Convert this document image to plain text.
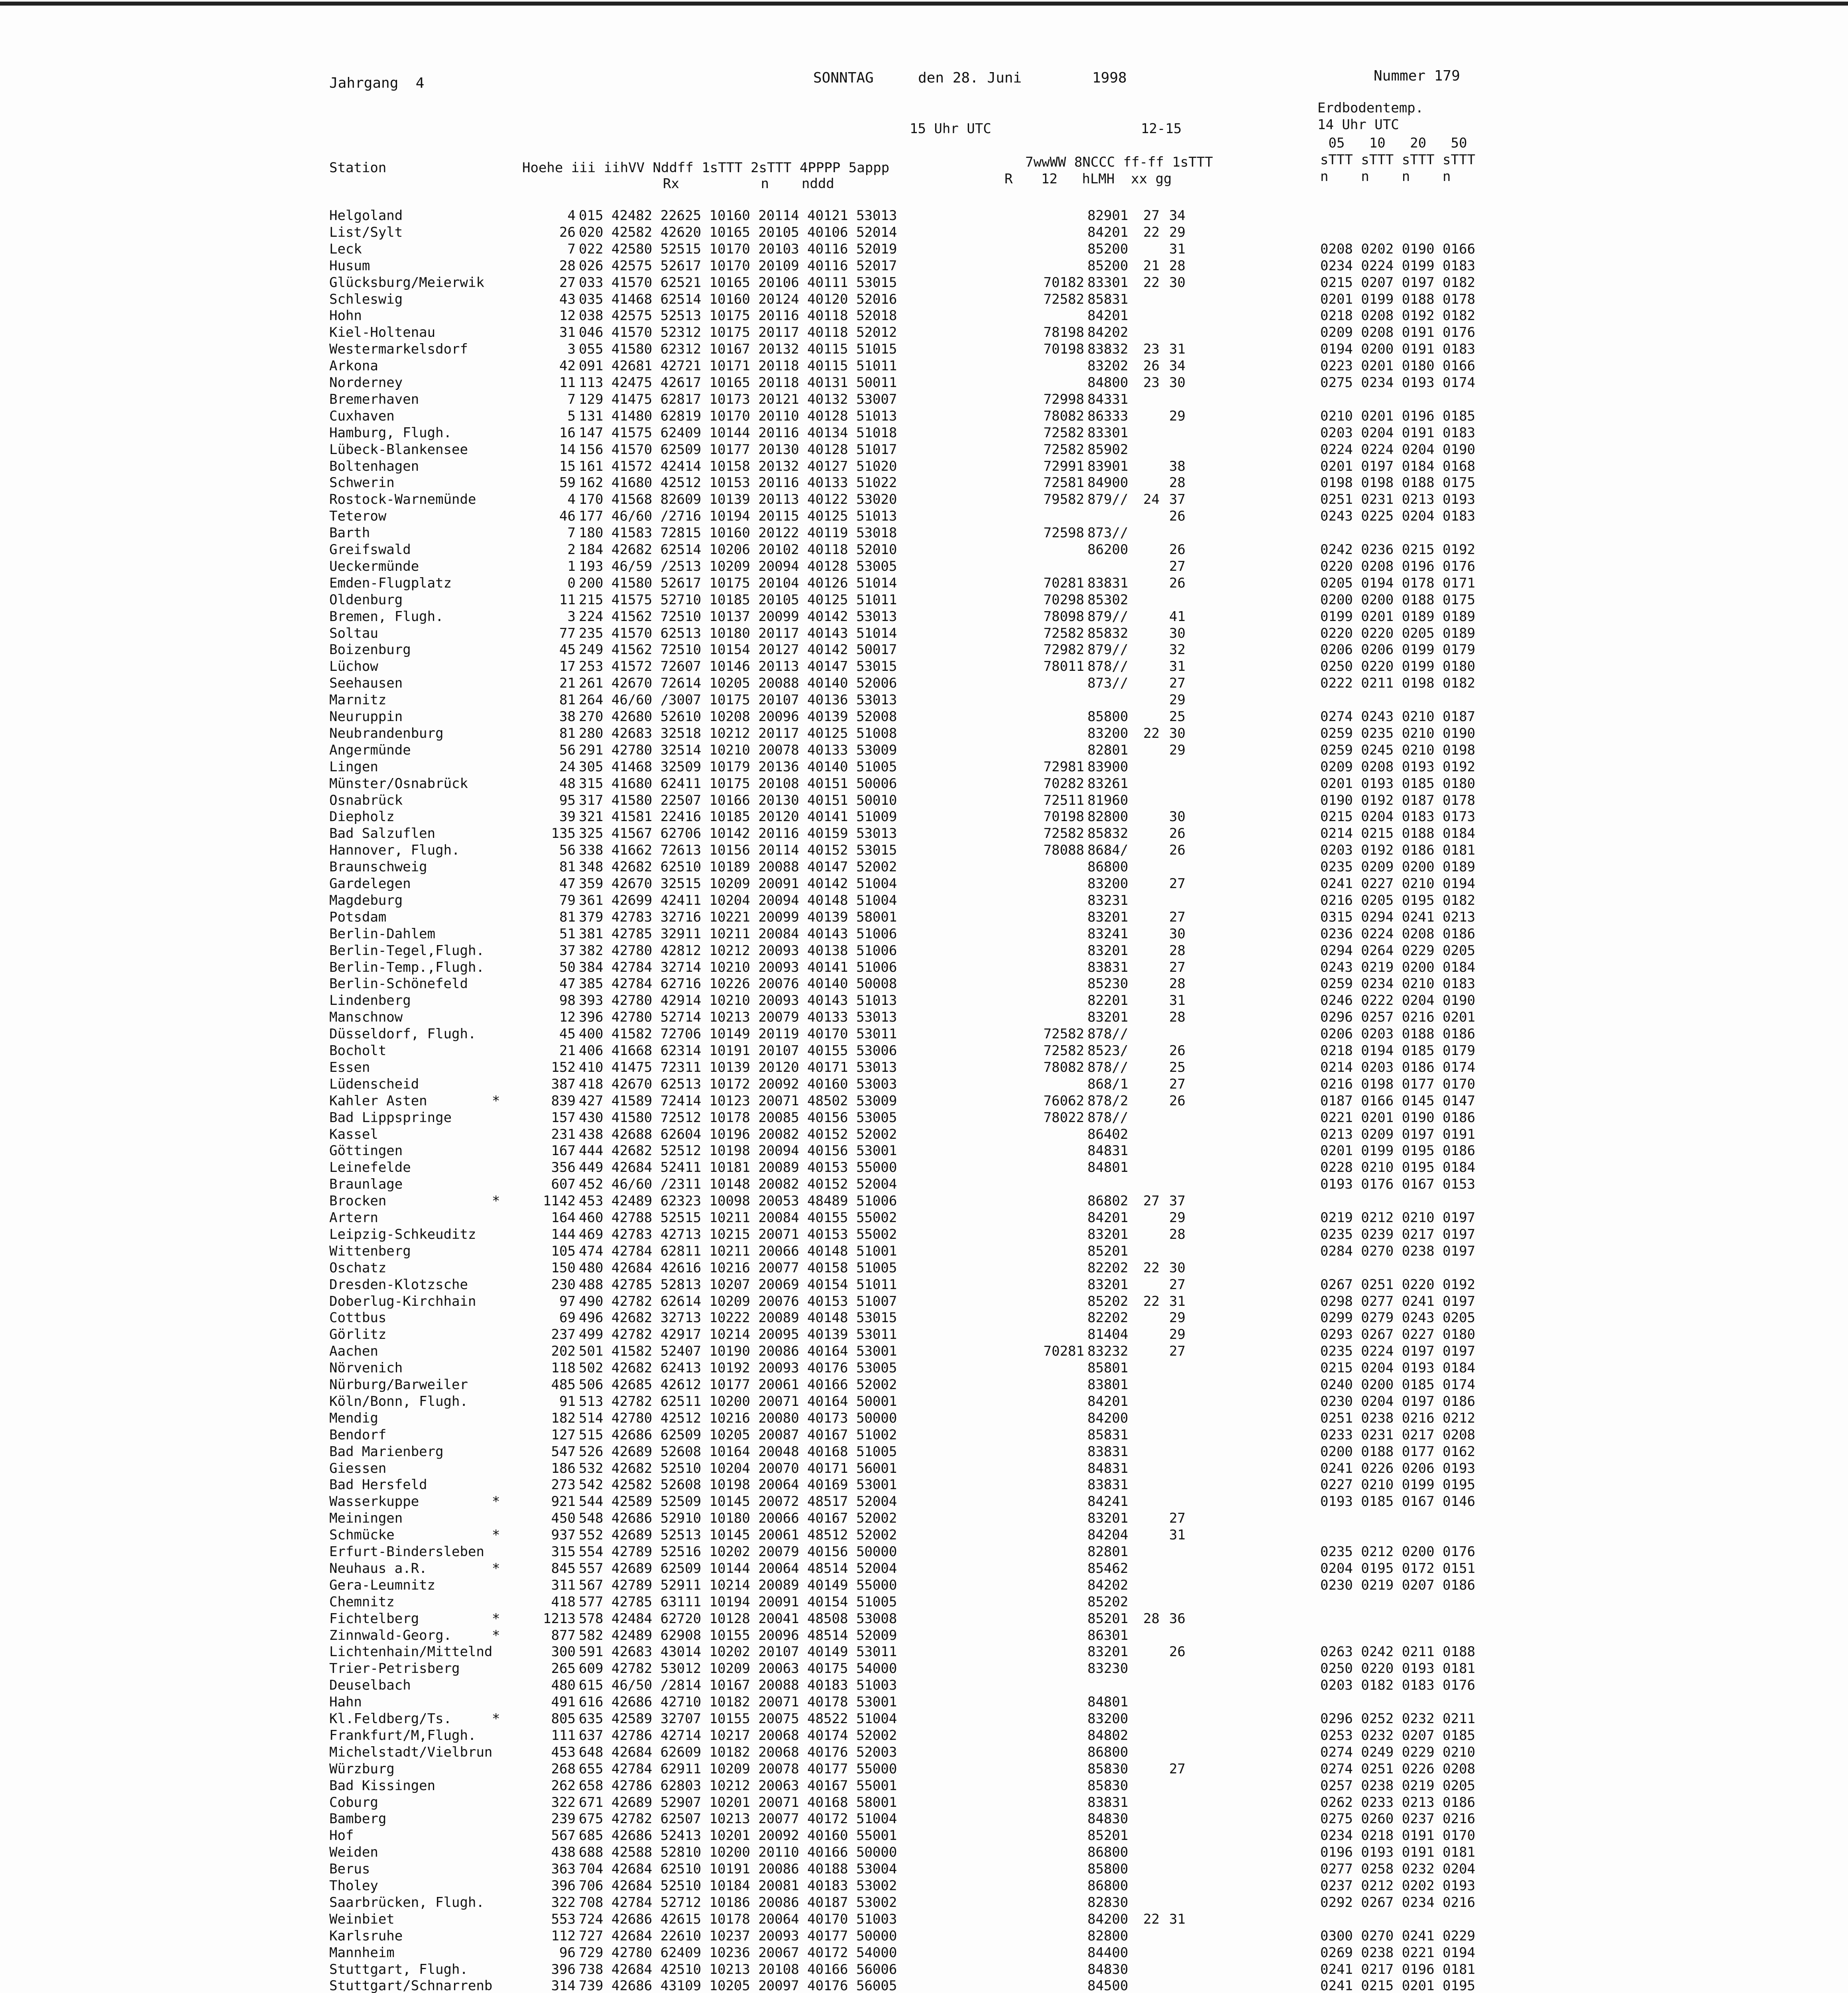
Jahrgang  4	SONNTAG	den 28. Juni	1998	Nummer 179
15 Uhr UTC	12-15
Erdbodentemp.
14 Uhr UTC
Station	Hoehe iii iihVV Nddff 1sTTT 2sTTT 4PPPP 5appp
Rx          n    nddd
7wwWW 8NCCC ff-ff 1sTTT
R 12   hLMH  xx gg
05   10   20   50
sTTT sTTT sTTT sTTT
n    n    n    n
Helgoland	4 015 42482 22625 10160 20114 40121 53013	82901 27 34
List/Sylt	26 020 42582 42620 10165 20105 40106 52014	84201 22 29
Leck	7 022 42580 52515 10170 20103 40116 52019	85200	31	0208 0202 0190 0166
Husum	28 026 42575 52617 10170 20109 40116 52017	85200 21 28	0234 0224 0199 0183
Glücksburg/Meierwik	27 033 41570 62521 10165 20106 40111 53015	70182 83301 22 30	0215 0207 0197 0182
Schleswig	43 035 41468 62514 10160 20124 40120 52016	72582 85831	0201 0199 0188 0178
Hohn	12 038 42575 52513 10175 20116 40118 52018	84201	0218 0208 0192 0182
Kiel-Holtenau	31 046 41570 52312 10175 20117 40118 52012	78198 84202	0209 0208 0191 0176
Westermarkelsdorf	3 055 41580 62312 10167 20132 40115 51015	70198 83832 23 31	0194 0200 0191 0183
Arkona	42 091 42681 42721 10171 20118 40115 51011	83202 26 34	0223 0201 0180 0166
Norderney	11 113 42475 42617 10165 20118 40131 50011	84800 23 30	0275 0234 0193 0174
Bremerhaven	7 129 41475 62817 10173 20121 40132 53007	72998 84331
Cuxhaven	5 131 41480 62819 10170 20110 40128 51013	78082 86333	29	0210 0201 0196 0185
Hamburg, Flugh.	16 147 41575 62409 10144 20116 40134 51018	72582 83301	0203 0204 0191 0183
Lübeck-Blankensee	14 156 41570 62509 10177 20130 40128 51017	72582 85902	0224 0224 0204 0190
Boltenhagen	15 161 41572 42414 10158 20132 40127 51020	72991 83901	38	0201 0197 0184 0168
Schwerin	59 162 41680 42512 10153 20116 40133 51022	72581 84900	28	0198 0198 0188 0175
Rostock-Warnemünde	4 170 41568 82609 10139 20113 40122 53020	79582 879// 24 37	0251 0231 0213 0193
Teterow	46 177 46/60 /2716 10194 20115 40125 51013	26	0243 0225 0204 0183
Barth	7 180 41583 72815 10160 20122 40119 53018	72598 873//
Greifswald	2 184 42682 62514 10206 20102 40118 52010	86200	26	0242 0236 0215 0192
Ueckermünde	1 193 46/59 /2513 10209 20094 40128 53005	27	0220 0208 0196 0176
Emden-Flugplatz	0 200 41580 52617 10175 20104 40126 51014	70281 83831	26	0205 0194 0178 0171
Oldenburg	11 215 41575 52710 10185 20105 40125 51011	70298 85302	0200 0200 0188 0175
Bremen, Flugh.	3 224 41562 72510 10137 20099 40142 53013	78098 879//	41	0199 0201 0189 0189
Soltau	77 235 41570 62513 10180 20117 40143 51014	72582 85832	30	0220 0220 0205 0189
Boizenburg	45 249 41562 72510 10154 20127 40142 50017	72982 879//	32	0206 0206 0199 0179
Lüchow	17 253 41572 72607 10146 20113 40147 53015	78011 878//	31	0250 0220 0199 0180
Seehausen	21 261 42670 72614 10205 20088 40140 52006	873//	27	0222 0211 0198 0182
Marnitz	81 264 46/60 /3007 10175 20107 40136 53013	29
Neuruppin	38 270 42680 52610 10208 20096 40139 52008	85800	25	0274 0243 0210 0187
Neubrandenburg	81 280 42683 32518 10212 20117 40125 51008	83200 22 30	0259 0235 0210 0190
Angermünde	56 291 42780 32514 10210 20078 40133 53009	82801	29	0259 0245 0210 0198
Lingen	24 305 41468 32509 10179 20136 40140 51005	72981 83900	0209 0208 0193 0192
Münster/Osnabrück	48 315 41680 62411 10175 20108 40151 50006	70282 83261	0201 0193 0185 0180
Osnabrück	95 317 41580 22507 10166 20130 40151 50010	72511 81960	0190 0192 0187 0178
Diepholz	39 321 41581 22416 10185 20120 40141 51009	70198 82800	30	0215 0204 0183 0173
Bad Salzuflen	135 325 41567 62706 10142 20116 40159 53013	72582 85832	26	0214 0215 0188 0184
Hannover, Flugh.	56 338 41662 72613 10156 20114 40152 53015	78088 8684/	26	0203 0192 0186 0181
Braunschweig	81 348 42682 62510 10189 20088 40147 52002	86800	0235 0209 0200 0189
Gardelegen	47 359 42670 32515 10209 20091 40142 51004	83200	27	0241 0227 0210 0194
Magdeburg	79 361 42699 42411 10204 20094 40148 51004	83231	0216 0205 0195 0182
Potsdam	81 379 42783 32716 10221 20099 40139 58001	83201	27	0315 0294 0241 0213
Berlin-Dahlem	51 381 42785 32911 10211 20084 40143 51006	83241	30	0236 0224 0208 0186
Berlin-Tegel,Flugh.	37 382 42780 42812 10212 20093 40138 51006	83201	28	0294 0264 0229 0205
Berlin-Temp.,Flugh.	50 384 42784 32714 10210 20093 40141 51006	83831	27	0243 0219 0200 0184
Berlin-Schönefeld	47 385 42784 62716 10226 20076 40140 50008	85230	28	0259 0234 0210 0183
Lindenberg	98 393 42780 42914 10210 20093 40143 51013	82201	31	0246 0222 0204 0190
Manschnow	12 396 42780 52714 10213 20079 40133 53013	83201	28	0296 0257 0216 0201
Düsseldorf, Flugh.	45 400 41582 72706 10149 20119 40170 53011	72582 878//	0206 0203 0188 0186
Bocholt	21 406 41668 62314 10191 20107 40155 53006	72582 8523/	26	0218 0194 0185 0179
Essen	152 410 41475 72311 10139 20120 40171 53013	78082 878//	25	0214 0203 0186 0174
Lüdenscheid	387 418 42670 62513 10172 20092 40160 53003	868/1	27	0216 0198 0177 0170
Kahler Asten	*	839 427 41589 72414 10123 20071 48502 53009	76062 878/2	26	0187 0166 0145 0147
Bad Lippspringe	157 430 41580 72512 10178 20085 40156 53005	78022 878//	0221 0201 0190 0186
Kassel	231 438 42688 62604 10196 20082 40152 52002	86402	0213 0209 0197 0191
Göttingen	167 444 42682 52512 10198 20094 40156 53001	84831	0201 0199 0195 0186
Leinefelde	356 449 42684 52411 10181 20089 40153 55000	84801	0228 0210 0195 0184
Braunlage	607 452 46/60 /2311 10148 20082 40152 52004	0193 0176 0167 0153
Brocken	*	1142 453 42489 62323 10098 20053 48489 51006	86802 27 37
Artern	164 460 42788 52515 10211 20084 40155 55002	84201	29	0219 0212 0210 0197
Leipzig-Schkeuditz	144 469 42783 42713 10215 20071 40153 55002	83201	28	0235 0239 0217 0197
Wittenberg	105 474 42784 62811 10211 20066 40148 51001	85201	0284 0270 0238 0197
Oschatz	150 480 42684 42616 10216 20077 40158 51005	82202 22 30
Dresden-Klotzsche	230 488 42785 52813 10207 20069 40154 51011	83201	27	0267 0251 0220 0192
Doberlug-Kirchhain	97 490 42782 62614 10209 20076 40153 51007	85202 22 31	0298 0277 0241 0197
Cottbus	69 496 42682 32713 10222 20089 40148 53015	82202	29	0299 0279 0243 0205
Görlitz	237 499 42782 42917 10214 20095 40139 53011	81404	29	0293 0267 0227 0180
Aachen	202 501 41582 52407 10190 20086 40164 53001	70281 83232	27	0235 0224 0197 0197
Nörvenich	118 502 42682 62413 10192 20093 40176 53005	85801	0215 0204 0193 0184
Nürburg/Barweiler	485 506 42685 42612 10177 20061 40166 52002	83801	0240 0200 0185 0174
Köln/Bonn, Flugh.	91 513 42782 62511 10200 20071 40164 50001	84201	0230 0204 0197 0186
Mendig	182 514 42780 42512 10216 20080 40173 50000	84200	0251 0238 0216 0212
Bendorf	127 515 42686 62509 10205 20087 40167 51002	85831	0233 0231 0217 0208
Bad Marienberg	547 526 42689 52608 10164 20048 40168 51005	83831	0200 0188 0177 0162
Giessen	186 532 42682 52510 10204 20070 40171 56001	84831	0241 0226 0206 0193
Bad Hersfeld	273 542 42582 52608 10198 20064 40169 53001	83831	0227 0210 0199 0195
Wasserkuppe	*	921 544 42589 52509 10145 20072 48517 52004	84241	0193 0185 0167 0146
Meiningen	450 548 42686 52910 10180 20066 40167 52002	83201	27
Schmücke	*	937 552 42689 52513 10145 20061 48512 52002	84204	31
Erfurt-Bindersleben	315 554 42789 52516 10202 20079 40156 50000	82801	0235 0212 0200 0176
Neuhaus a.R.	*	845 557 42689 62509 10144 20064 48514 52004	85462	0204 0195 0172 0151
Gera-Leumnitz	311 567 42789 52911 10214 20089 40149 55000	84202	0230 0219 0207 0186
Chemnitz	418 577 42785 63111 10194 20091 40154 51005	85202
Fichtelberg	*	1213 578 42484 62720 10128 20041 48508 53008	85201 28 36
Zinnwald-Georg.	*	877 582 42489 62908 10155 20096 48514 52009	86301
Lichtenhain/Mittelnd	300 591 42683 43014 10202 20107 40149 53011	83201	26	0263 0242 0211 0188
Trier-Petrisberg	265 609 42782 53012 10209 20063 40175 54000	83230	0250 0220 0193 0181
Deuselbach	480 615 46/50 /2814 10167 20088 40183 51003	0203 0182 0183 0176
Hahn	491 616 42686 42710 10182 20071 40178 53001	84801
Kl.Feldberg/Ts.	*	805 635 42589 32707 10155 20075 48522 51004	83200	0296 0252 0232 0211
Frankfurt/M,Flugh.	111 637 42786 42714 10217 20068 40174 52002	84802	0253 0232 0207 0185
Michelstadt/Vielbrun	453 648 42684 62609 10182 20068 40176 52003	86800	0274 0249 0229 0210
Würzburg	268 655 42784 62911 10209 20078 40177 55000	85830	27	0274 0251 0226 0208
Bad Kissingen	262 658 42786 62803 10212 20063 40167 55001	85830	0257 0238 0219 0205
Coburg	322 671 42689 52907 10201 20071 40168 58001	83831	0262 0233 0213 0186
Bamberg	239 675 42782 62507 10213 20077 40172 51004	84830	0275 0260 0237 0216
Hof	567 685 42686 52413 10201 20092 40160 55001	85201	0234 0218 0191 0170
Weiden	438 688 42588 52810 10200 20110 40166 50000	86800	0196 0193 0191 0181
Berus	363 704 42684 62510 10191 20086 40188 53004	85800	0277 0258 0232 0204
Tholey	396 706 42684 52510 10184 20081 40183 53002	86800	0237 0212 0202 0193
Saarbrücken, Flugh.	322 708 42784 52712 10186 20086 40187 53002	82830	0292 0267 0234 0216
Weinbiet	553 724 42686 42615 10178 20064 40170 51003	84200 22 31
Karlsruhe	112 727 42684 22610 10237 20093 40177 50000	82800	0300 0270 0241 0229
Mannheim	96 729 42780 62409 10236 20067 40172 54000	84400	0269 0238 0221 0194
Stuttgart, Flugh.	396 738 42684 42510 10213 20108 40166 56006	84830	0241 0217 0196 0181
Stuttgart/Schnarrenb	314 739 42686 43109 10205 20097 40176 56005	84500	0241 0215 0201 0195
